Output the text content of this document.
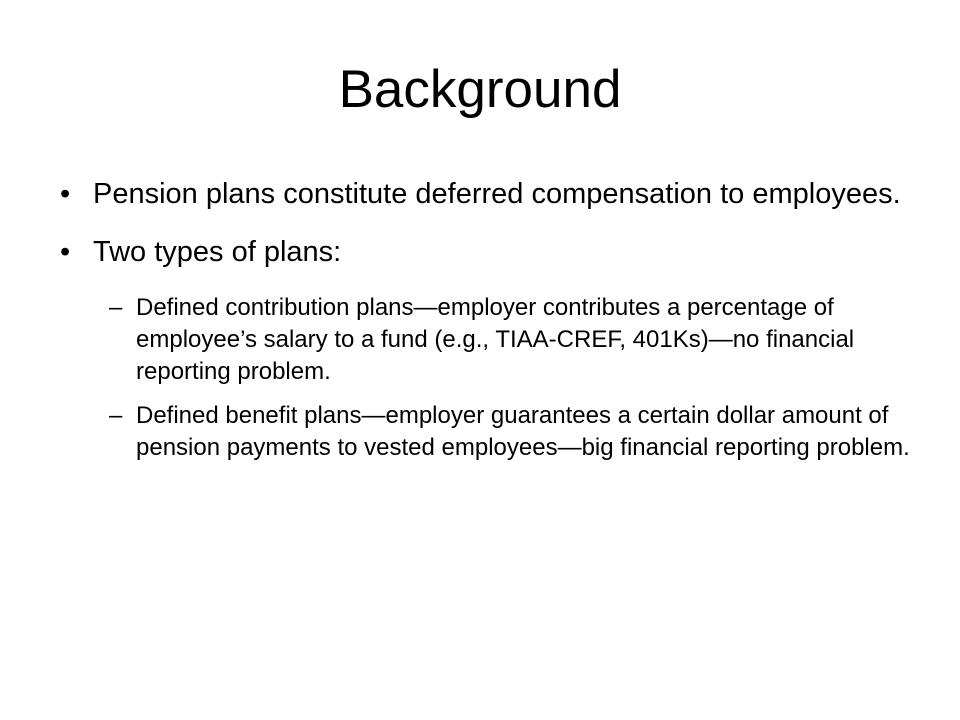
Background
• Pension plans constitute deferred compensation to employees.
• Two types of plans:
– Defined contribution plans—employer contributes a percentage of employee’s salary to a fund (e.g., TIAA-CREF, 401Ks)—no financial reporting problem.
– Defined benefit plans—employer guarantees a certain dollar amount of pension payments to vested employees—big financial reporting problem.
